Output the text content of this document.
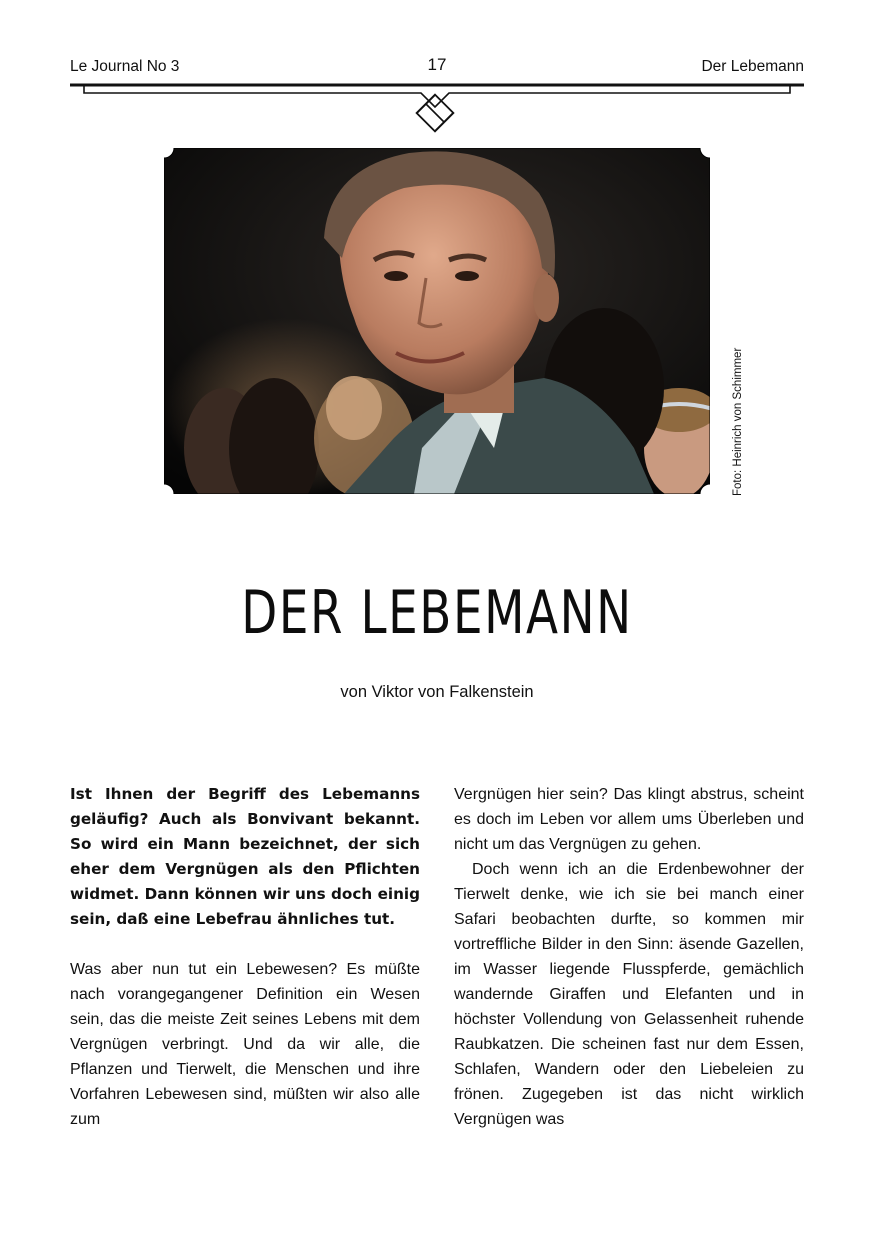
Le Journal No 3	17	Der Lebemann
Foto: Heinrich von Schimmer
DER LEBEMANN
von Viktor von Falkenstein

Ist Ihnen der Begriff des Lebemanns geläufig? Auch als Bonvivant bekannt. So wird ein Mann bezeichnet, der sich eher dem Vergnügen als den Pflichten widmet. Dann können wir uns doch einig sein, daß eine Lebefrau ähnliches tut.

Was aber nun tut ein Lebewesen? Es müßte nach vorangegangener Definition ein Wesen sein, das die meiste Zeit seines Lebens mit dem Vergnügen verbringt. Und da wir alle, die Pflanzen und Tierwelt, die Menschen und ihre Vorfahren Lebewesen sind, müßten wir also alle zum

Vergnügen hier sein? Das klingt abstrus, scheint es doch im Leben vor allem ums Überleben und nicht um das Vergnügen zu gehen.

Doch wenn ich an die Erdenbewohner der Tierwelt denke, wie ich sie bei manch einer Safari beobachten durfte, so kommen mir vortreffliche Bilder in den Sinn: äsende Gazellen, im Wasser liegende Flusspferde, gemächlich wandernde Giraffen und Elefanten und in höchster Vollendung von Gelassenheit ruhende Raubkatzen. Die scheinen fast nur dem Essen, Schlafen, Wandern oder den Liebeleien zu frönen. Zugegeben ist das nicht wirklich Vergnügen was
